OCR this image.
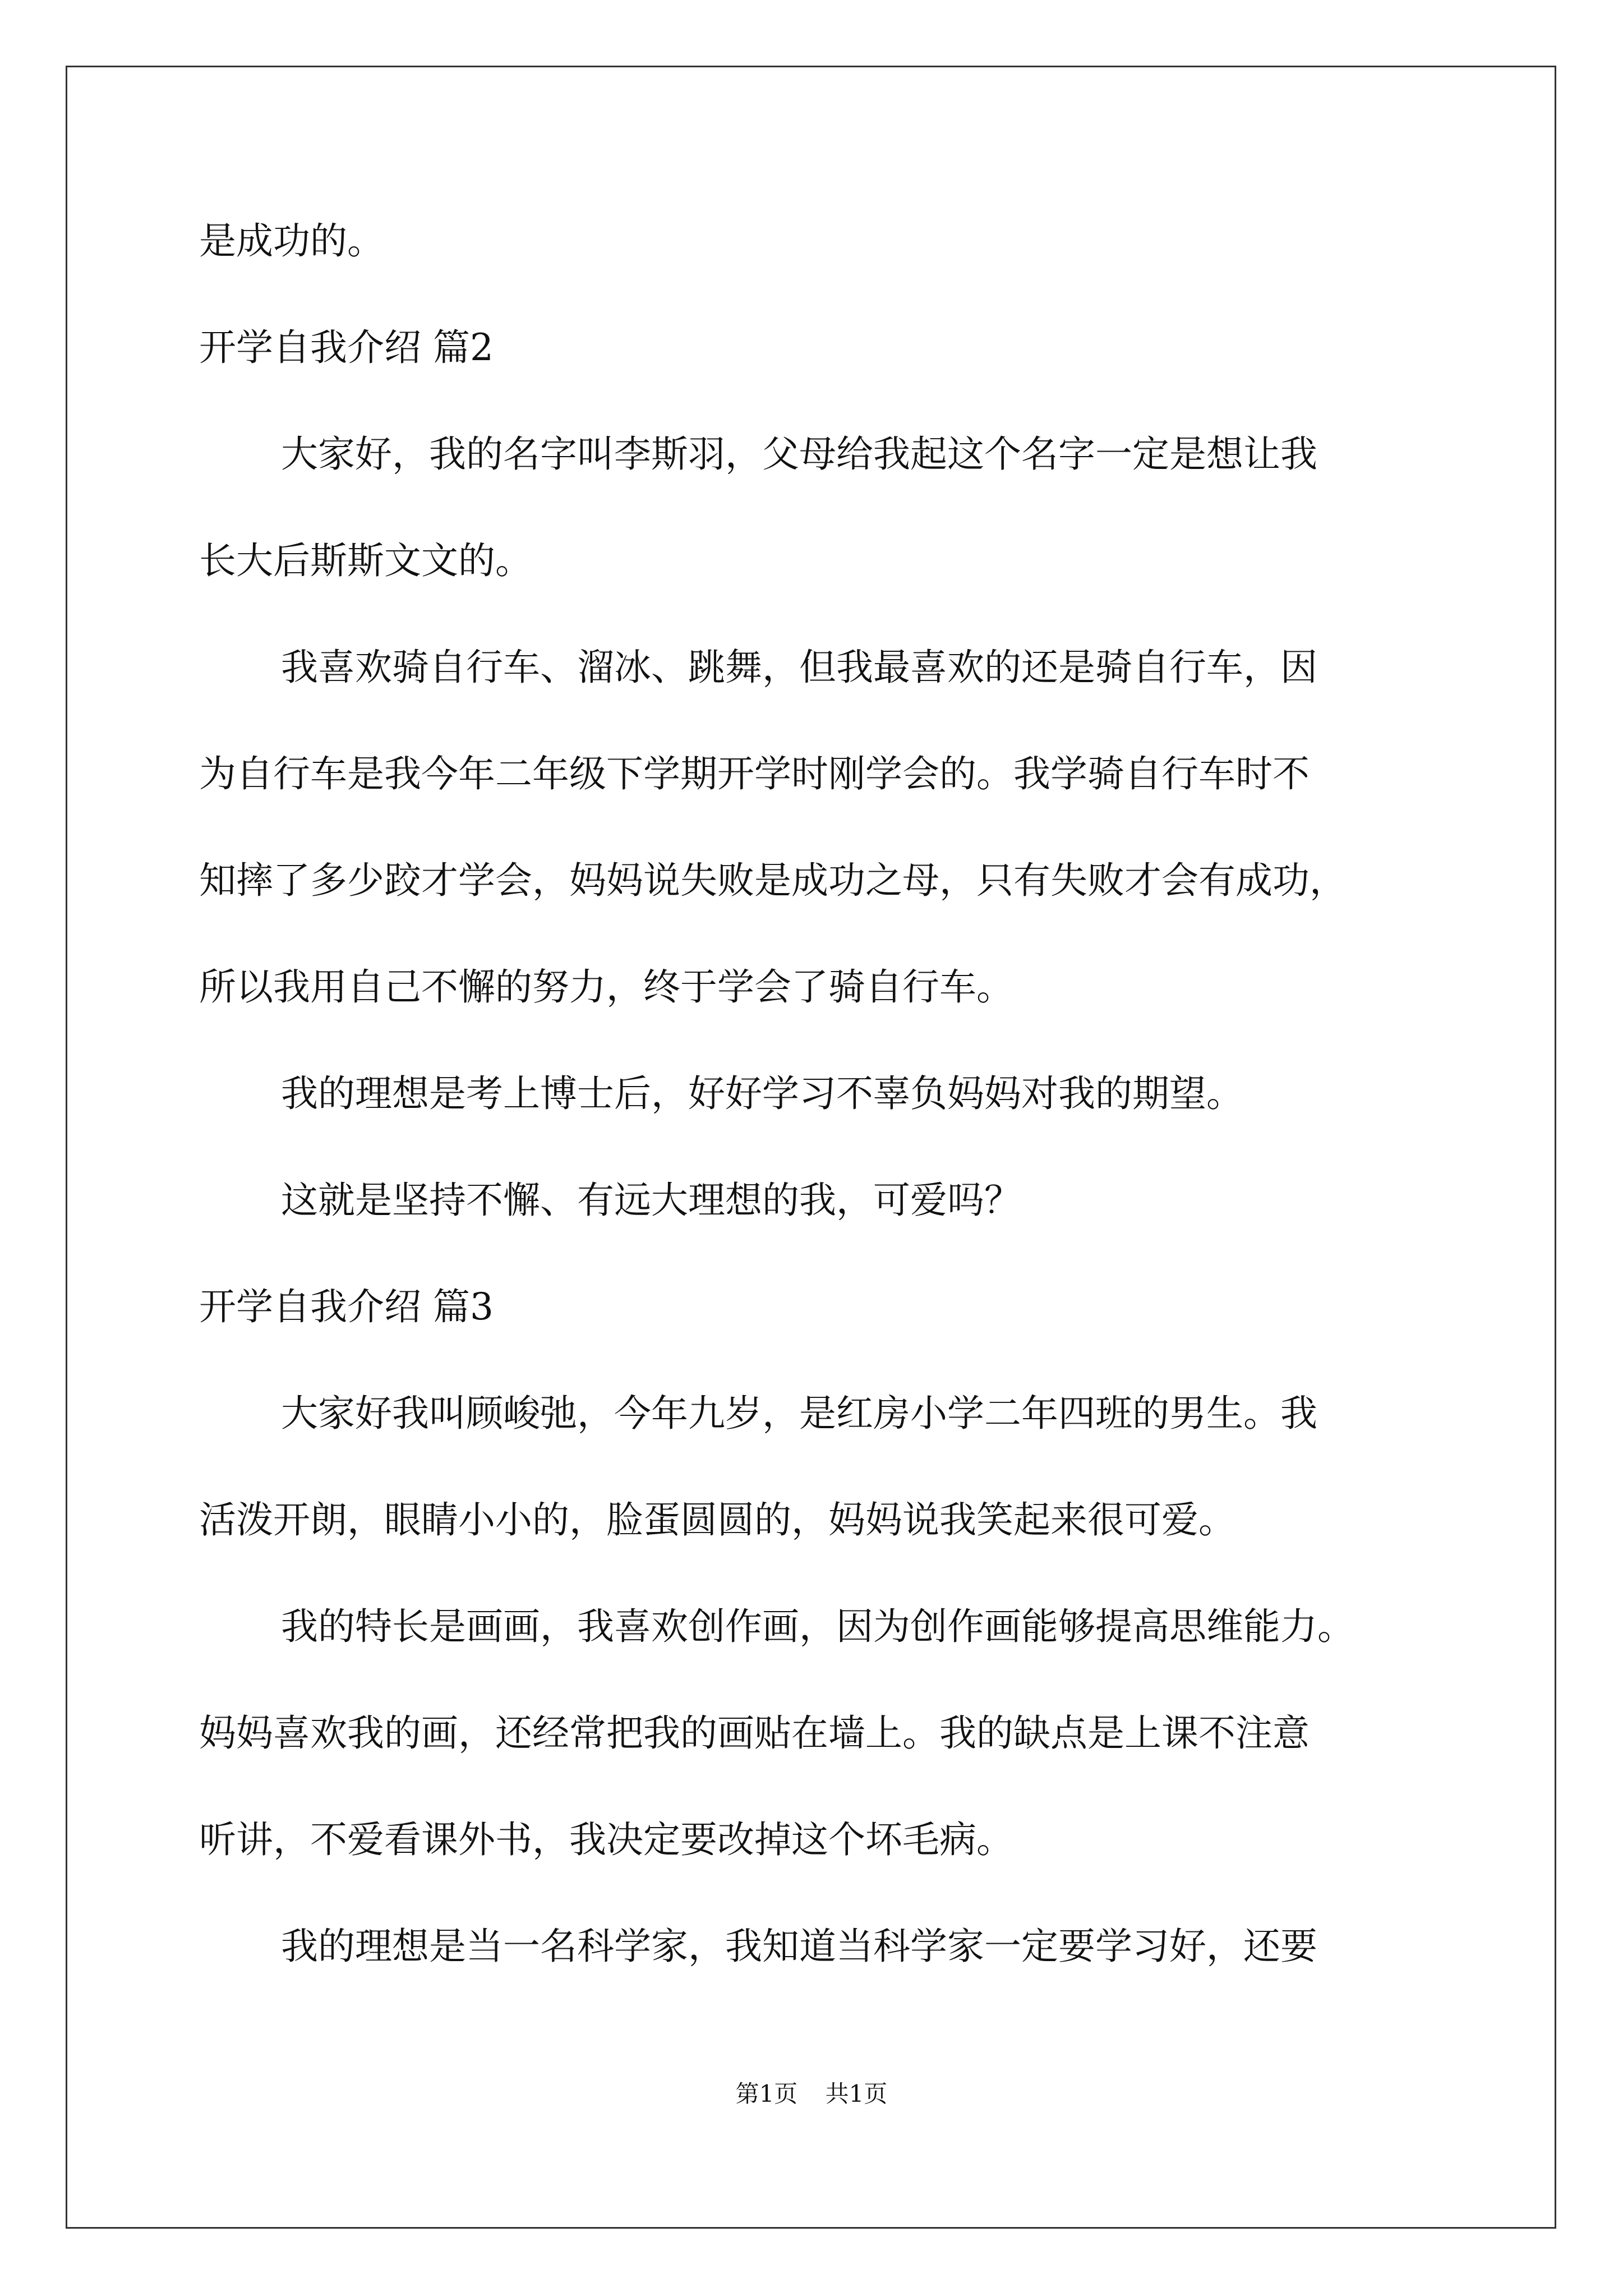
是成功的。
开学自我介绍 篇2
大家好，我的名字叫李斯羽，父母给我起这个名字一定是想让我
长大后斯斯文文的。
我喜欢骑自行车、溜冰、跳舞，但我最喜欢的还是骑自行车，因
为自行车是我今年二年级下学期开学时刚学会的。我学骑自行车时不
知摔了多少跤才学会，妈妈说失败是成功之母，只有失败才会有成功，
所以我用自己不懈的努力，终于学会了骑自行车。
我的理想是考上博士后，好好学习不辜负妈妈对我的期望。
这就是坚持不懈、有远大理想的我，可爱吗？
开学自我介绍 篇3
大家好我叫顾峻弛，今年九岁，是红房小学二年四班的男生。我
活泼开朗，眼睛小小的，脸蛋圆圆的，妈妈说我笑起来很可爱。
我的特长是画画，我喜欢创作画，因为创作画能够提高思维能力。
妈妈喜欢我的画，还经常把我的画贴在墙上。我的缺点是上课不注意
听讲，不爱看课外书，我决定要改掉这个坏毛病。
我的理想是当一名科学家，我知道当科学家一定要学习好，还要
第1页 共1页
